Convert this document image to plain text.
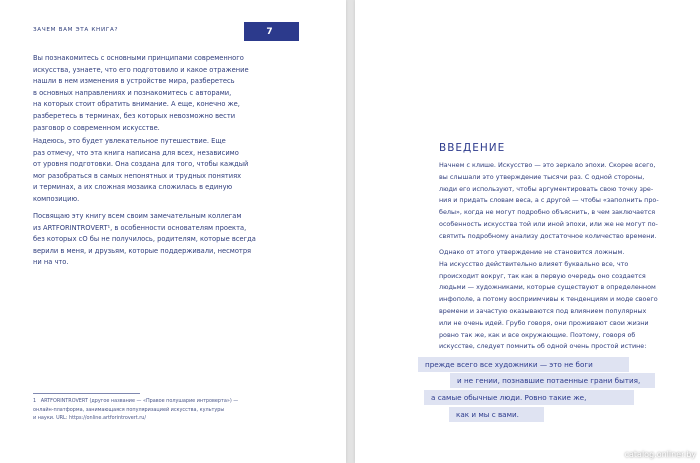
ЗАЧЕМ ВАМ ЭТА КНИГА?	7

Вы познакомитесь с основными принципами современного
искусства, узнаете, что его подготовило и какое отражение
нашли в нем изменения в устройстве мира, разберетесь
в основных направлениях и познакомитесь с авторами,
на которых стоит обратить внимание. А еще, конечно же,
разберетесь в терминах, без которых невозможно вести
разговор о современном искусстве.

Надеюсь, это будет увлекательное путешествие. Еще
раз отмечу, что эта книга написана для всех, независимо
от уровня подготовки. Она создана для того, чтобы каждый
мог разобраться в самых непонятных и трудных понятиях
и терминах, а их сложная мозаика сложилась в единую
композицию.

Посвящаю эту книгу всем своим замечательным коллегам
из ARTFORINTROVERT¹, в особенности основателям проекта,
без которых сО бы не получилось, родителям, которые всегда
верили в меня, и друзьям, которые поддерживали, несмотря
ни на что.

1   ARTFORINTROVERT (другое название — «Правое полушарие интроверта») —
онлайн-платформа, занимающаяся популяризацией искусства, культуры
и науки. URL: https://online.artforintrovert.ru/

ВВЕДЕНИЕ

Начнем с клише. Искусство — это зеркало эпохи. Скорее всего,
вы слышали это утверждение тысячи раз. С одной стороны,
люди его используют, чтобы аргументировать свою точку зре-
ния и придать словам веса, а с другой — чтобы «заполнить про-
белы», когда не могут подробно объяснить, в чем заключается
особенность искусства той или иной эпохи, или же не могут по-
святить подробному анализу достаточное количество времени.

Однако от этого утверждение не становится ложным.
На искусство действительно влияет буквально все, что
происходит вокруг, так как в первую очередь оно создается
людьми — художниками, которые существуют в определенном
инфополе, а потому восприимчивы к тенденциям и моде своего
времени и зачастую оказываются под влиянием популярных
или не очень идей. Грубо говоря, они проживают свои жизни
ровно так же, как и все окружающие. Поэтому, говоря об
искусстве, следует помнить об одной очень простой истине:

прежде всего все художники — это не боги
и не гении, познавшие потаенные грани бытия,
а самые обычные люди. Ровно такие же,
как и мы с вами.
catalog.onliner.by
